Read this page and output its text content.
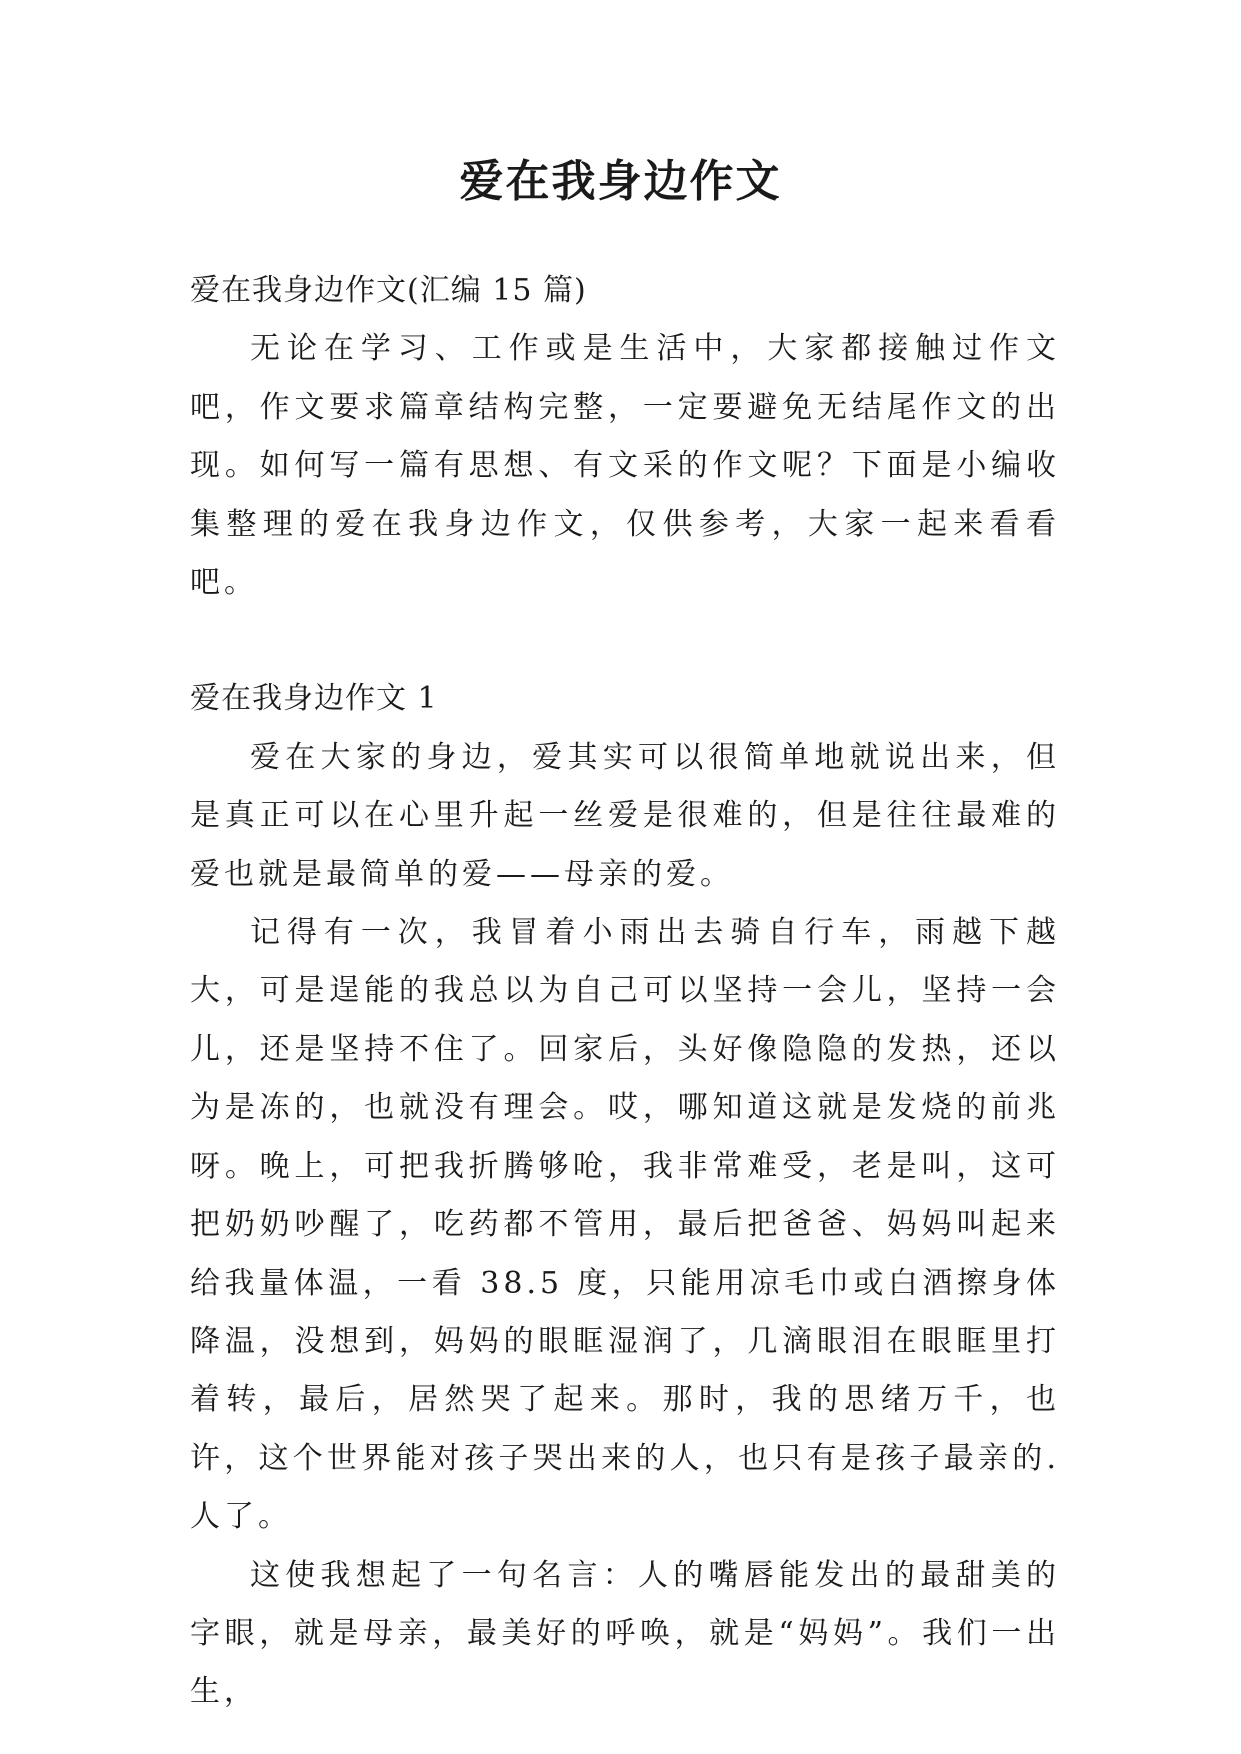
爱在我身边作文

爱在我身边作文(汇编 15 篇)

无论在学习、工作或是生活中，大家都接触过作文吧，作文要求篇章结构完整，一定要避免无结尾作文的出现。如何写一篇有思想、有文采的作文呢？下面是小编收集整理的爱在我身边作文，仅供参考，大家一起来看看吧。

爱在我身边作文 1

爱在大家的身边，爱其实可以很简单地就说出来，但是真正可以在心里升起一丝爱是很难的，但是往往最难的爱也就是最简单的爱——母亲的爱。

记得有一次，我冒着小雨出去骑自行车，雨越下越大，可是逞能的我总以为自己可以坚持一会儿，坚持一会儿，还是坚持不住了。回家后，头好像隐隐的发热，还以为是冻的，也就没有理会。哎，哪知道这就是发烧的前兆呀。晚上，可把我折腾够呛，我非常难受，老是叫，这可把奶奶吵醒了，吃药都不管用，最后把爸爸、妈妈叫起来给我量体温，一看 38.5 度，只能用凉毛巾或白酒擦身体降温，没想到，妈妈的眼眶湿润了，几滴眼泪在眼眶里打着转，最后，居然哭了起来。那时，我的思绪万千，也许，这个世界能对孩子哭出来的人，也只有是孩子最亲的.人了。

这使我想起了一句名言：人的嘴唇能发出的最甜美的字眼，就是母亲，最美好的呼唤，就是“妈妈”。我们一出生，
